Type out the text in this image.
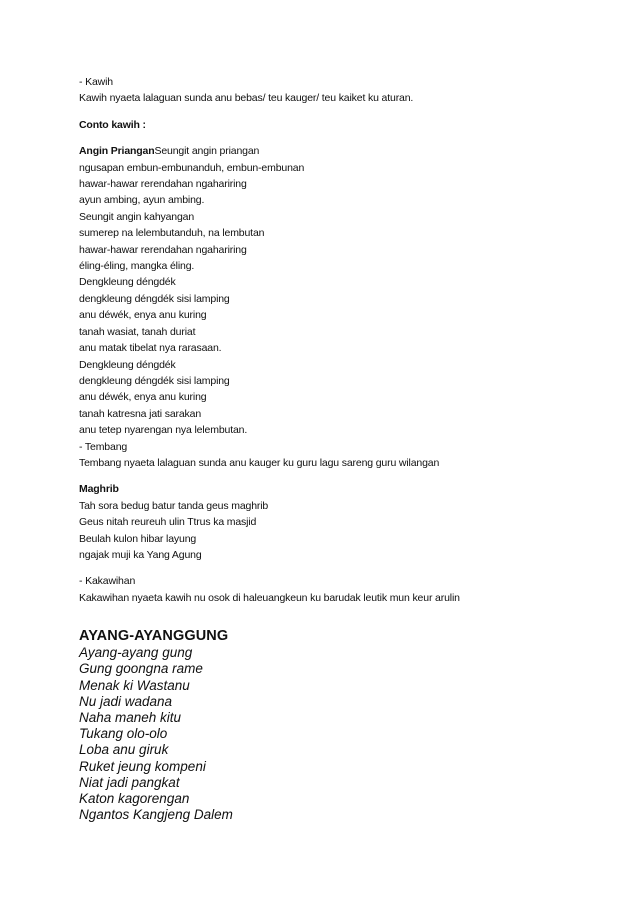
- Kawih
Kawih nyaeta lalaguan sunda anu bebas/ teu kauger/ teu kaiket ku aturan.
Conto kawih :
Angin PrianganSeungit angin priangan
ngusapan embun-embunanduh, embun-embunan
hawar-hawar rerendahan ngahariring
ayun ambing, ayun ambing.
Seungit angin kahyangan
sumerep na lelembutanduh, na lembutan
hawar-hawar rerendahan ngahariring
éling-éling, mangka éling.
Dengkleung déngdék
dengkleung déngdék sisi lamping
anu déwék, enya anu kuring
tanah wasiat, tanah duriat
anu matak tibelat nya rarasaan.
Dengkleung déngdék
dengkleung déngdék sisi lamping
anu déwék, enya anu kuring
tanah katresna jati sarakan
anu tetep nyarengan nya lelembutan.
- Tembang
Tembang nyaeta lalaguan sunda anu kauger ku guru lagu sareng guru wilangan
Maghrib
Tah sora bedug batur tanda geus maghrib
Geus nitah reureuh ulin Ttrus ka masjid
Beulah kulon hibar layung
ngajak muji ka Yang Agung
- Kakawihan
Kakawihan nyaeta kawih nu osok di haleuangkeun ku barudak leutik mun keur arulin
AYANG-AYANGGUNG
Ayang-ayang gung
Gung goongna rame
Menak ki Wastanu
Nu jadi wadana
Naha maneh kitu
Tukang olo-olo
Loba anu giruk
Ruket jeung kompeni
Niat jadi pangkat
Katon kagorengan
Ngantos Kangjeng Dalem
